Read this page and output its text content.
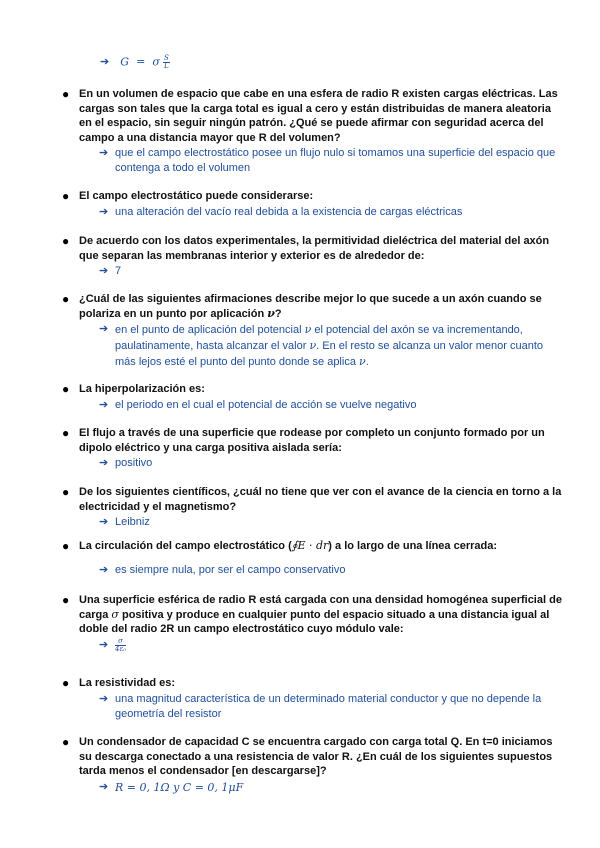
➔ G = σ $\frac{S}{L}$
● En un volumen de espacio que cabe en una esfera de radio R existen cargas eléctricas. Las cargas son tales que la carga total es igual a cero y están distribuidas de manera aleatoria en el espacio, sin seguir ningún patrón. ¿Qué se puede afirmar con seguridad acerca del campo a una distancia mayor que R del volumen?
➔ que el campo electrostático posee un flujo nulo si tomamos una superficie del espacio que contenga a todo el volumen
● El campo electrostático puede considerarse:
➔ una alteración del vacío real debida a la existencia de cargas eléctricas
● De acuerdo con los datos experimentales, la permitividad dieléctrica del material del axón que separan las membranas interior y exterior es de alrededor de:
➔ 7
● ¿Cuál de las siguientes afirmaciones describe mejor lo que sucede a un axón cuando se polariza en un punto por aplicación ν?
➔ en el punto de aplicación del potencial ν el potencial del axón se va incrementando, paulatinamente, hasta alcanzar el valor ν. En el resto se alcanza un valor menor cuanto más lejos esté el punto del punto donde se aplica ν.
● La hiperpolarización es:
➔ el periodo en el cual el potencial de acción se vuelve negativo
● El flujo a través de una superficie que rodease por completo un conjunto formado por un dipolo eléctrico y una carga positiva aislada sería:
➔ positivo
● De los siguientes científicos, ¿cuál no tiene que ver con el avance de la ciencia en torno a la electricidad y el magnetismo?
➔ Leibniz
● La circulación del campo electrostático (∮E · dr) a lo largo de una línea cerrada:
➔ es siempre nula, por ser el campo conservativo
● Una superficie esférica de radio R está cargada con una densidad homogénea superficial de carga σ positiva y produce en cualquier punto del espacio situado a una distancia igual al doble del radio 2R un campo electrostático cuyo módulo vale:
➔ $\frac{\sigma}{\text{4ε₀}}$
● La resistividad es:
➔ una magnitud característica de un determinado material conductor y que no depende la geometría del resistor
● Un condensador de capacidad C se encuentra cargado con carga total Q. En t=0 iniciamos su descarga conectado a una resistencia de valor R. ¿En cuál de los siguientes supuestos tarda menos el condensador [en descargarse]?
➔ R = 0, 1Ω y C = 0, 1μF
